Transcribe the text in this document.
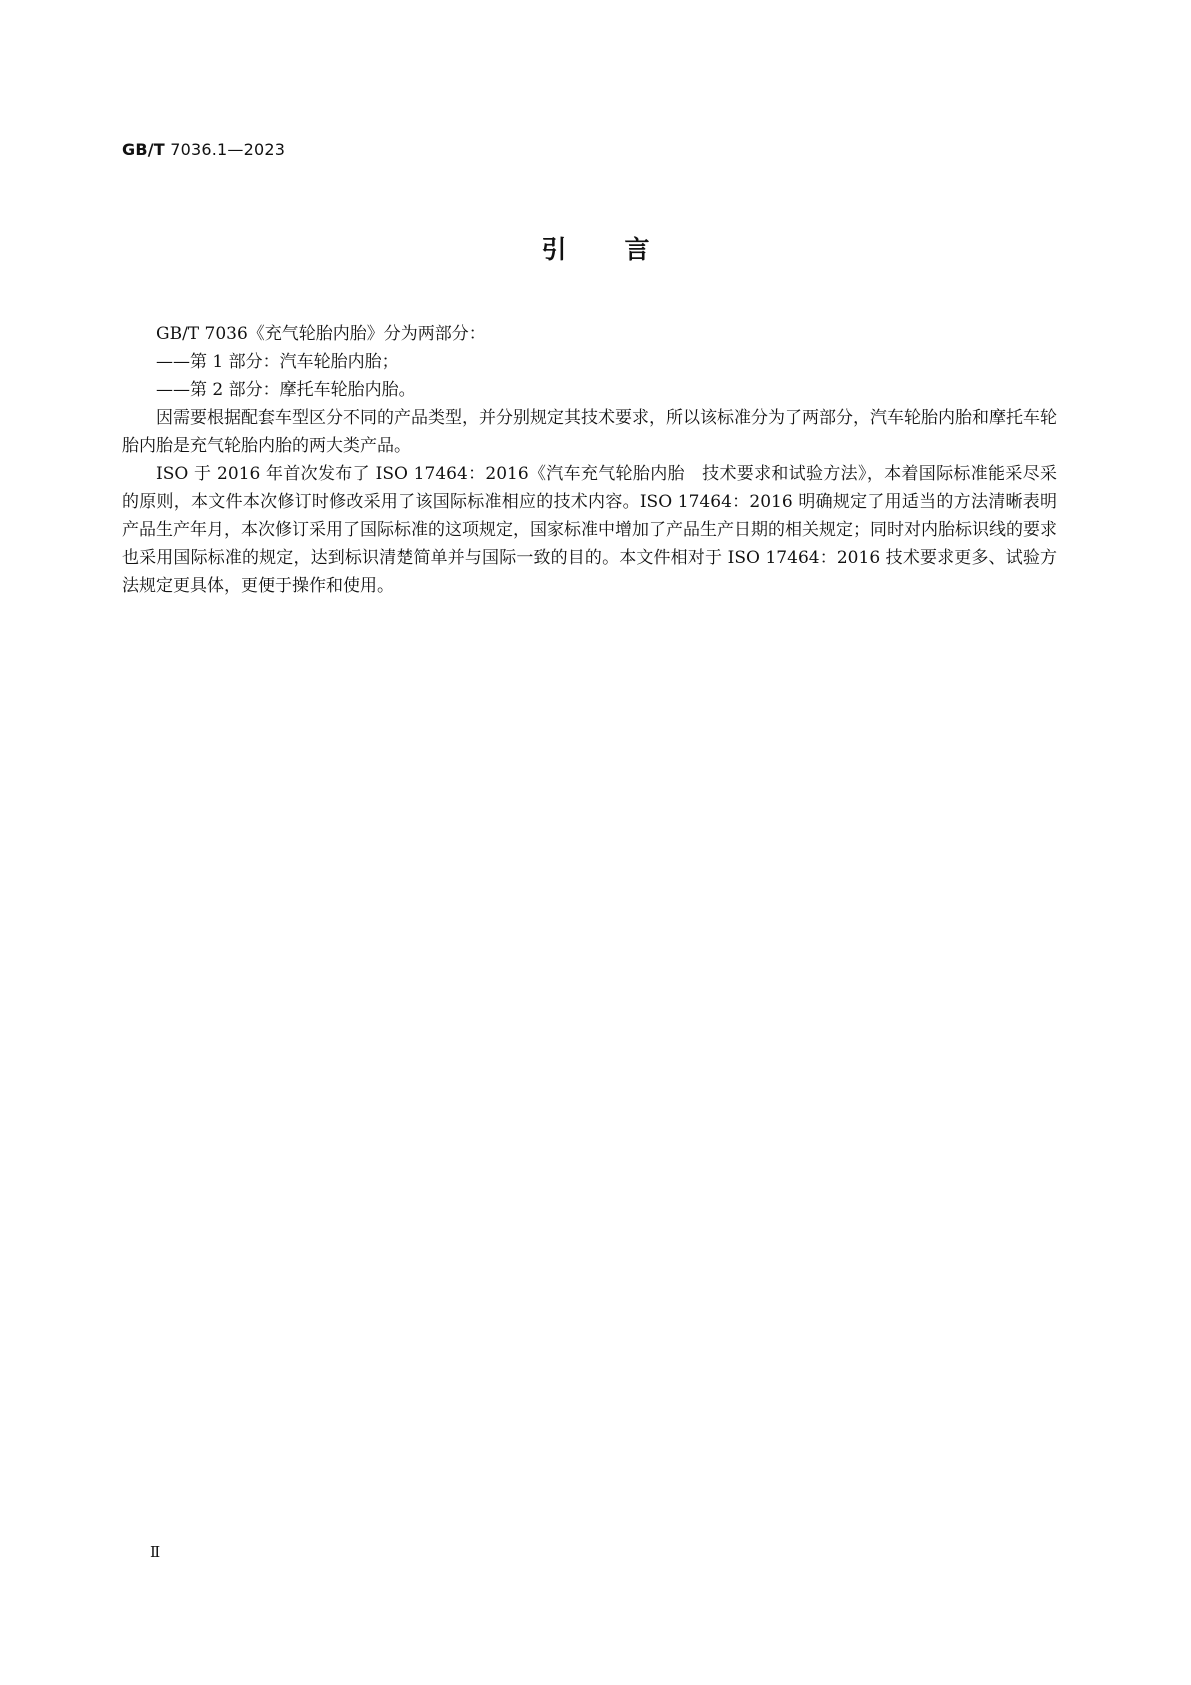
GB/T 7036.1—2023
引言

GB/T 7036《充气轮胎内胎》分为两部分：

——第 1 部分：汽车轮胎内胎；

——第 2 部分：摩托车轮胎内胎。

因需要根据配套车型区分不同的产品类型，并分别规定其技术要求，所以该标准分为了两部分，汽车轮胎内胎和摩托车轮胎内胎是充气轮胎内胎的两大类产品。

ISO 于 2016 年首次发布了 ISO 17464：2016《汽车充气轮胎内胎　技术要求和试验方法》，本着国际标准能采尽采的原则，本文件本次修订时修改采用了该国际标准相应的技术内容。ISO 17464：2016 明确规定了用适当的方法清晰表明产品生产年月，本次修订采用了国际标准的这项规定，国家标准中增加了产品生产日期的相关规定；同时对内胎标识线的要求也采用国际标准的规定，达到标识清楚简单并与国际一致的目的。本文件相对于 ISO 17464：2016 技术要求更多、试验方法规定更具体，更便于操作和使用。

Ⅱ
